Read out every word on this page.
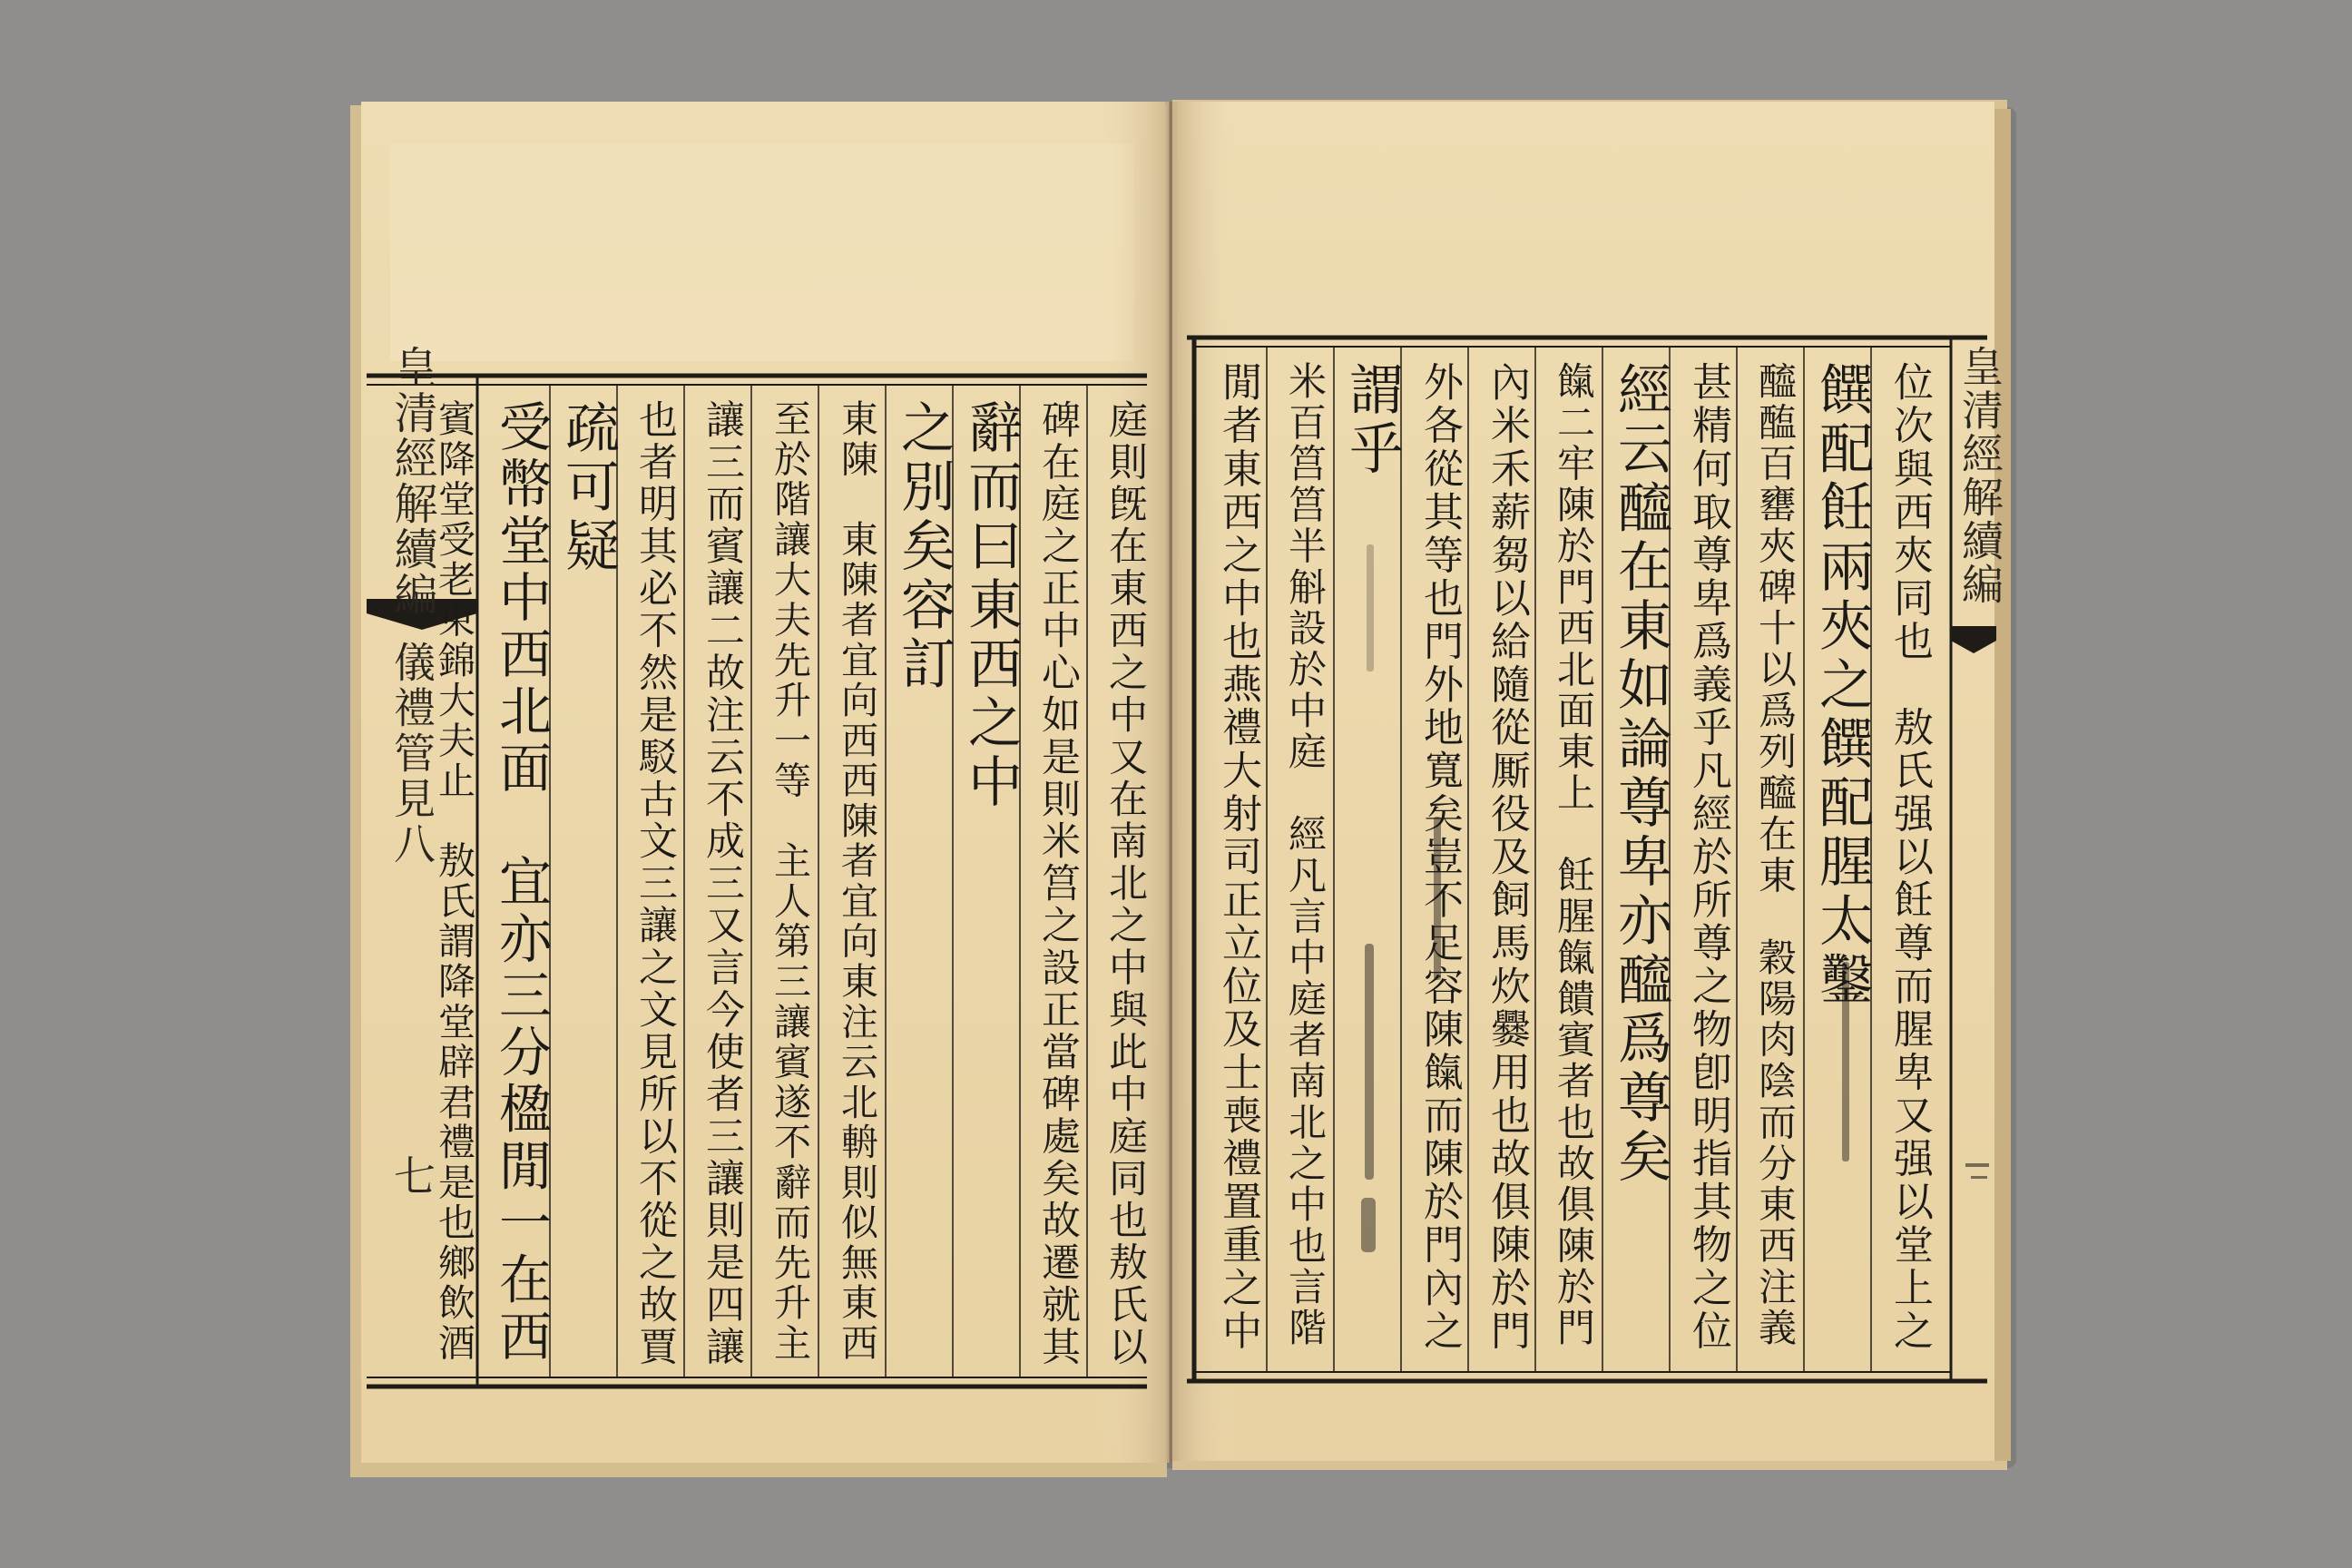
皇清經解續編
儀禮管見八
七	庭則旣在東西之中又在南北之中與此中庭同也敖氏以
碑在庭之正中心如是則米筥之設正當碑處矣故遷就其
辭而曰東西之中
之別矣容訂
東陳　東陳者宜向西西陳者宜向東注云北輈則似無東西
至於階讓大夫先升一等　主人第三讓賓遂不辭而先升主
讓三而賓讓二故注云不成三又言今使者三讓則是四讓
也者明其必不然是駁古文三讓之文見所以不從之故賈
疏可疑
受幣堂中西北面　宜亦三分楹閒一在西
賓降堂受老束錦大夫止　敖氏謂降堂辟君禮是也鄉飲酒	皇清經解續編
位次與西夾同也　敖氏强以飪尊而腥卑又强以堂上之
饌配飪兩夾之饌配腥太鑿
醯醢百罋夾碑十以爲列醯在東　穀陽肉陰而分東西注義
甚精何取尊卑爲義乎凡經於所尊之物卽明指其物之位
經云醯在東如論尊卑亦醯爲尊矣
餼二牢陳於門西北面東上　飪腥餼饋賓者也故俱陳於門
內米禾薪芻以給隨從厮役及飼馬炊爨用也故俱陳於門
外各從其等也門外地寬矣豈不足容陳餼而陳於門內之
謂乎
米百筥筥半斛設於中庭　經凡言中庭者南北之中也言階
閒者東西之中也燕禮大射司正立位及士喪禮置重之中
